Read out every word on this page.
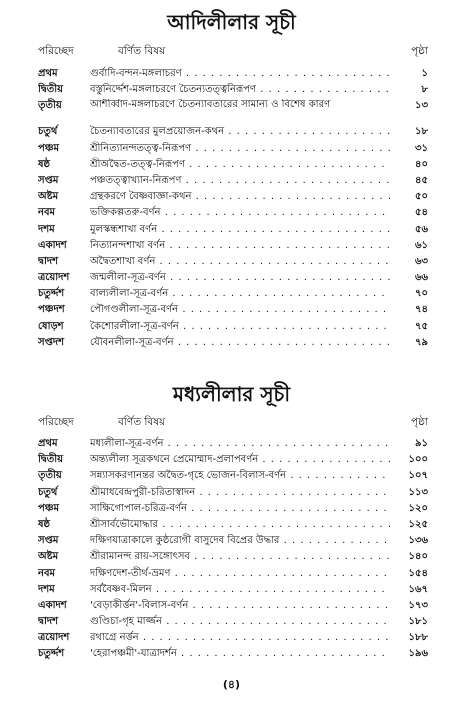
আদিলীলার সূচী
পরিচ্ছেদ	বর্ণিত বিষয়	পৃষ্ঠা
প্রথম	গুর্বাদি-বন্দন-মঙ্গলাচরণ . . .	১
দ্বিতীয়	বস্তুনির্দ্দেশ-মঙ্গলাচরণে চৈতন্যতত্ত্বনিরূপণ . . .	৮
তৃতীয়	আশীর্ব্বাদ-মঙ্গলাচরণে চৈতন্যাবতারের সামান্য ও বিশেষ কারণ	১৩
চতুর্থ	চৈতন্যাবতারের মুলপ্রয়োজন-কথন . . .	১৮
পঞ্চম	শ্রীনিত্যানন্দতত্ত্ব-নিরূপণ . . .	৩১
ষষ্ঠ	শ্রীঅদ্বৈত-তত্ত্ব-নিরূপণ . . .	৪০
সপ্তম	পঞ্চতত্ত্বাখ্যান-নিরূপণ . . .	৪৫
অষ্টম	গ্রন্থকরণে বৈষ্ণবাজ্ঞা-কথন . . .	৫০
নবম	ভক্তিকল্পতরু-বর্ণন . . .	৫৪
দশম	মুলস্কন্ধশাখা বর্ণন . . .	৫৬
একাদশ	নিত্যানন্দশাখা বর্ণন . . .	৬১
দ্বাদশ	অদ্বৈতশাখা বর্ণন . . .	৬৩
ত্রয়োদশ	জন্মলীলা-সূত্র-বর্ণন . . .	৬৬
চতুর্দ্দশ	বাল্যলীলা-সূত্র-বর্ণন . . .	৭০
পঞ্চদশ	পৌগণ্ডলীলা-সূত্র-বর্ণন . . .	৭৪
ষোড়শ	কৈশোরলীলা-সূত্র-বর্ণন . . .	৭৫
সপ্তদশ	যৌবনলীলা-সূত্র-বর্ণন . . .	৭৯
মধ্যলীলার সূচী
পরিচ্ছেদ	বর্ণিত বিষয়	পৃষ্ঠা
প্রথম	মধ্যলীলা-সূত্র-বর্ণন . . .	৯১
দ্বিতীয়	অন্ত্যলীলা সূত্রকথনে প্রেমোম্মাদ-প্রলাপবর্ণন . . .	১০০
তৃতীয়	সন্ন্যাসকরণানন্তর অদ্বৈত-গৃহে ভোজন-বিলাস-বর্ণন . . .	১০৭
চতুর্থ	শ্রীমাধবেন্দ্রপুরী-চরিতাস্বাদন . . .	১১৩
পঞ্চম	সাক্ষিগোপাল-চরিত্র-বর্ণন . . .	১২০
ষষ্ঠ	শ্রীসার্বভৌমোদ্ধার . . .	১২৫
সপ্তম	দক্ষিণযাত্রাকালে কুষ্ঠরোগী বাসুদেব বিপ্রের উদ্ধার . . .	১৩৬
অষ্টম	শ্রীরামানন্দ রায়-সঙ্গোৎসব . . .	১৪০
নবম	দক্ষিণদেশ-তীর্থ-ভ্রমণ . . .	১৫৪
দশম	সর্ববৈষ্ণব-মিলন . . .	১৬৭
একাদশ	'বেড়াকীর্ত্তন'-বিলাস-বর্ণন . . .	১৭৩
দ্বাদশ	গুণ্ডিচা-গৃহ মার্জ্জন . . .	১৮১
ত্রয়োদশ	রথাগ্রে নর্ত্তন . . .	১৮৮
চতুর্দ্দশ	'হেরাপঞ্চমী'-যাত্রাদর্শন . . .	১৯৬
(৪)
